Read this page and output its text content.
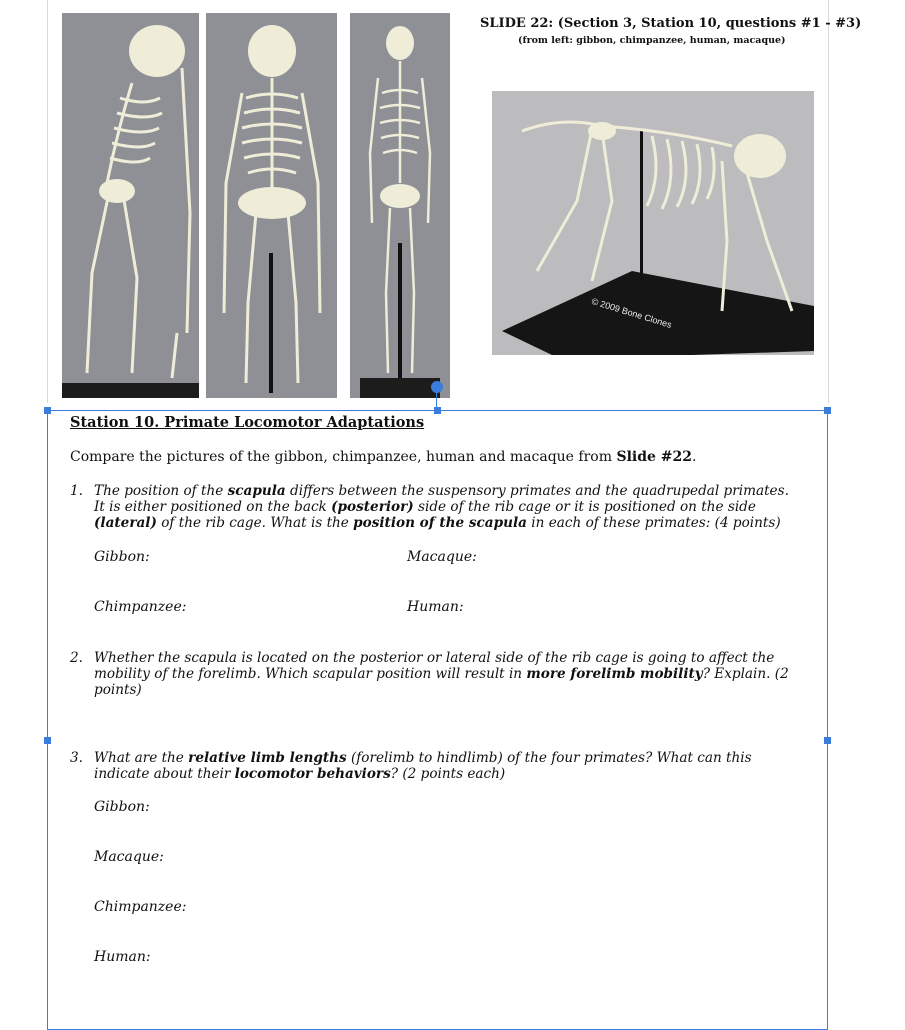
SLIDE 22: (Section 3, Station 10, questions #1 - #3)
(from left: gibbon, chimpanzee, human, macaque)
© 2009 Bone Clones
Station 10. Primate Locomotor Adaptations
Compare the pictures of the gibbon, chimpanzee, human and macaque from Slide #22.
1. The position of the scapula differs between the suspensory primates and the quadrupedal primates. It is either positioned on the back (posterior) side of the rib cage or it is positioned on the side (lateral) of the rib cage. What is the position of the scapula in each of these primates: (4 points)
Gibbon:	Macaque:
Chimpanzee:	Human:
2. Whether the scapula is located on the posterior or lateral side of the rib cage is going to affect the mobility of the forelimb. Which scapular position will result in more forelimb mobility? Explain. (2 points)
3. What are the relative limb lengths (forelimb to hindlimb) of the four primates? What can this indicate about their locomotor behaviors? (2 points each)
Gibbon:
Macaque:
Chimpanzee:
Human:
